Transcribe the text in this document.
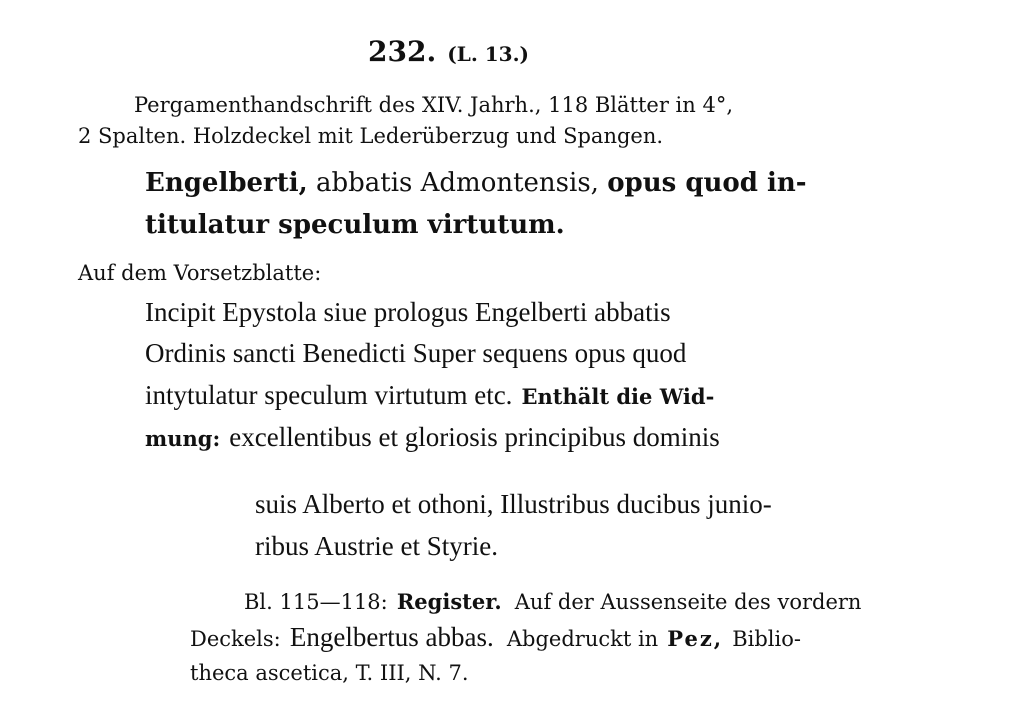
232. (L. 13.)
Pergamenthandschrift des XIV. Jahrh., 118 Blätter in 4°,
2 Spalten. Holzdeckel mit Lederüberzug und Spangen.
Engelberti, abbatis Admontensis, opus quod in-
titulatur speculum virtutum.
Auf dem Vorsetzblatte:
Incipit Epystola siue prologus Engelberti abbatis
Ordinis sancti Benedicti Super sequens opus quod
intytulatur speculum virtutum etc. Enthält die Wid-
mung: excellentibus et gloriosis principibus dominis
suis Alberto et othoni, Illustribus ducibus junio-
ribus Austrie et Styrie.
Bl. 115—118: Register. Auf der Aussenseite des vordern
Deckels: Engelbertus abbas. Abgedruckt in Pez, Biblio-
theca ascetica, T. III, N. 7.
